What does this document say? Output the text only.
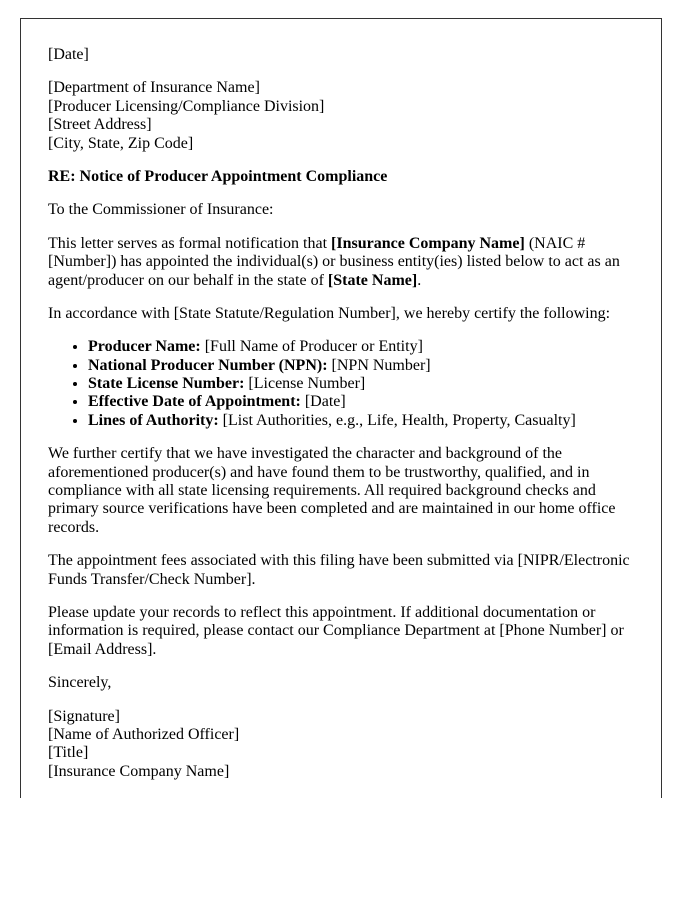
[Date]

[Department of Insurance Name]
[Producer Licensing/Compliance Division]
[Street Address]
[City, State, Zip Code]

RE: Notice of Producer Appointment Compliance

To the Commissioner of Insurance:

This letter serves as formal notification that [Insurance Company Name] (NAIC # [Number]) has appointed the individual(s) or business entity(ies) listed below to act as an agent/producer on our behalf in the state of [State Name].

In accordance with [State Statute/Regulation Number], we hereby certify the following:

• Producer Name: [Full Name of Producer or Entity]
• National Producer Number (NPN): [NPN Number]
• State License Number: [License Number]
• Effective Date of Appointment: [Date]
• Lines of Authority: [List Authorities, e.g., Life, Health, Property, Casualty]

We further certify that we have investigated the character and background of the aforementioned producer(s) and have found them to be trustworthy, qualified, and in compliance with all state licensing requirements. All required background checks and primary source verifications have been completed and are maintained in our home office records.

The appointment fees associated with this filing have been submitted via [NIPR/Electronic Funds Transfer/Check Number].

Please update your records to reflect this appointment. If additional documentation or information is required, please contact our Compliance Department at [Phone Number] or [Email Address].

Sincerely,

[Signature]
[Name of Authorized Officer]
[Title]
[Insurance Company Name]
